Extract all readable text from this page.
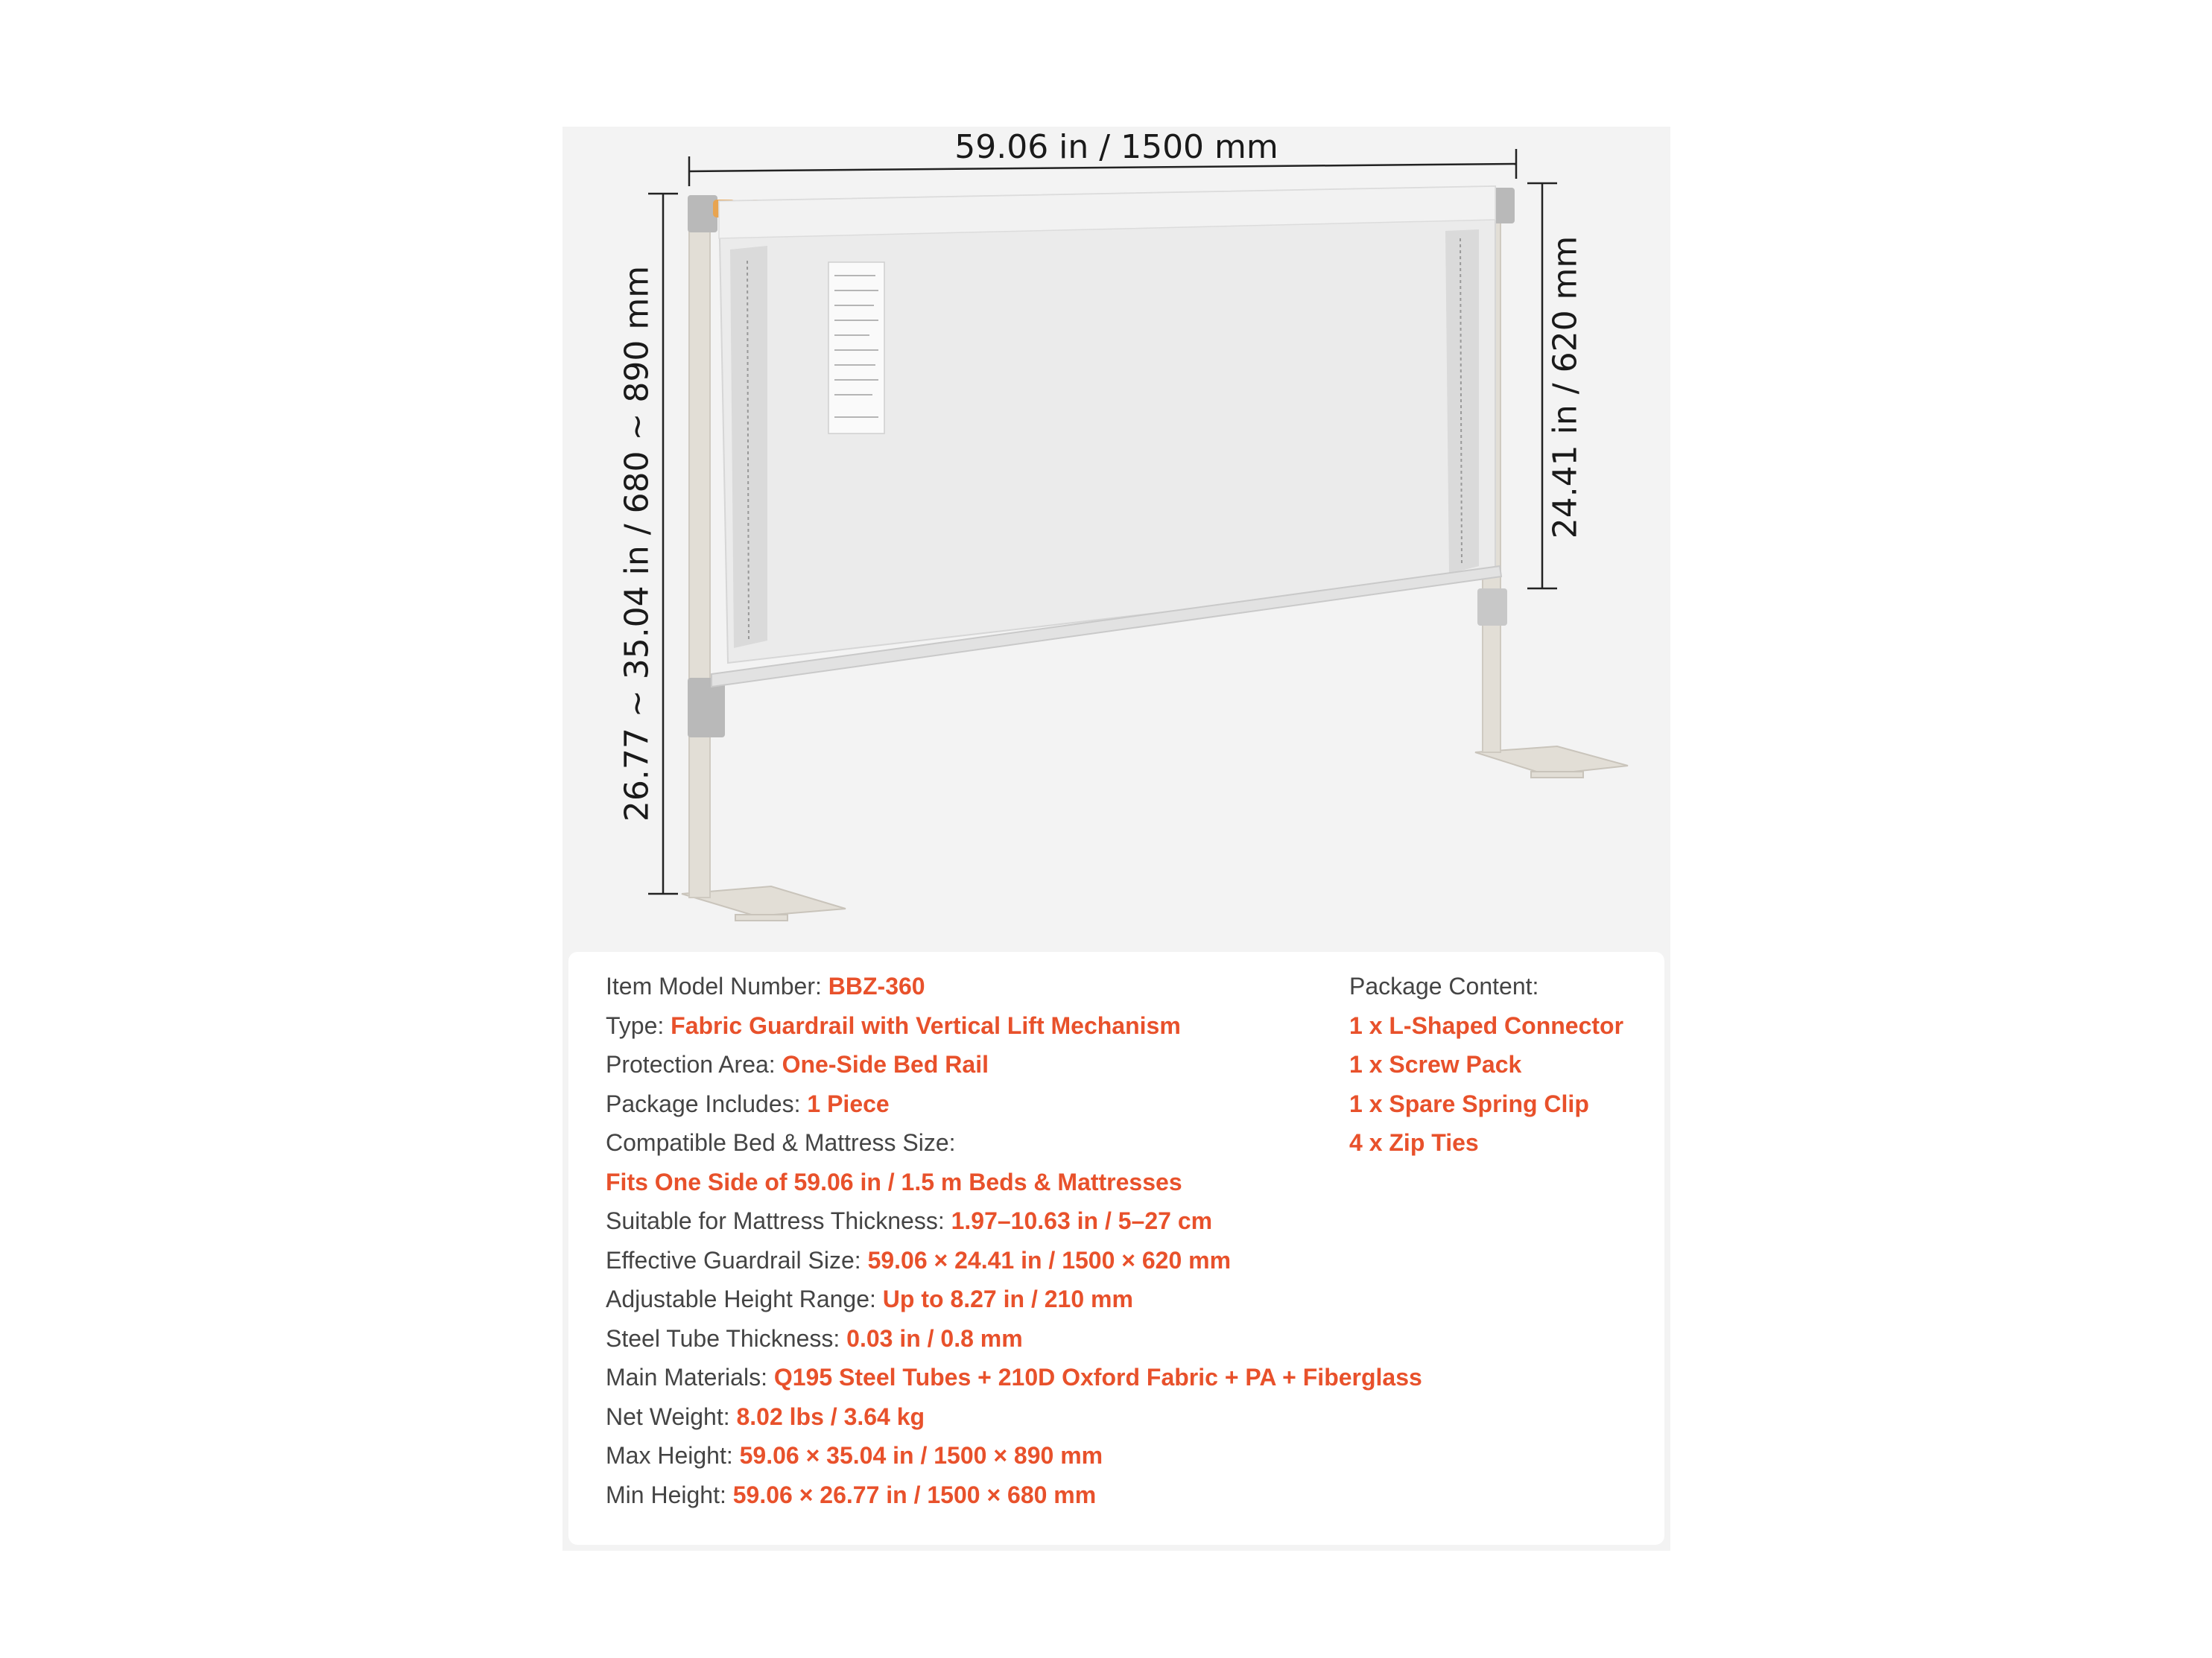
59.06 in / 1500 mm
26.77 ~ 35.04 in / 680 ~ 890 mm	24.41 in / 620 mm
Item Model Number: BBZ-360
Type: Fabric Guardrail with Vertical Lift Mechanism
Protection Area: One-Side Bed Rail
Package Includes: 1 Piece
Compatible Bed & Mattress Size:
Fits One Side of 59.06 in / 1.5 m Beds & Mattresses
Suitable for Mattress Thickness: 1.97–10.63 in / 5–27 cm
Effective Guardrail Size: 59.06 × 24.41 in / 1500 × 620 mm
Adjustable Height Range: Up to 8.27 in / 210 mm
Steel Tube Thickness: 0.03 in / 0.8 mm
Main Materials: Q195 Steel Tubes + 210D Oxford Fabric + PA + Fiberglass
Net Weight: 8.02 lbs / 3.64 kg
Max Height: 59.06 × 35.04 in / 1500 × 890 mm
Min Height: 59.06 × 26.77 in / 1500 × 680 mm
Package Content:
1 x L-Shaped Connector
1 x Screw Pack
1 x Spare Spring Clip
4 x Zip Ties
